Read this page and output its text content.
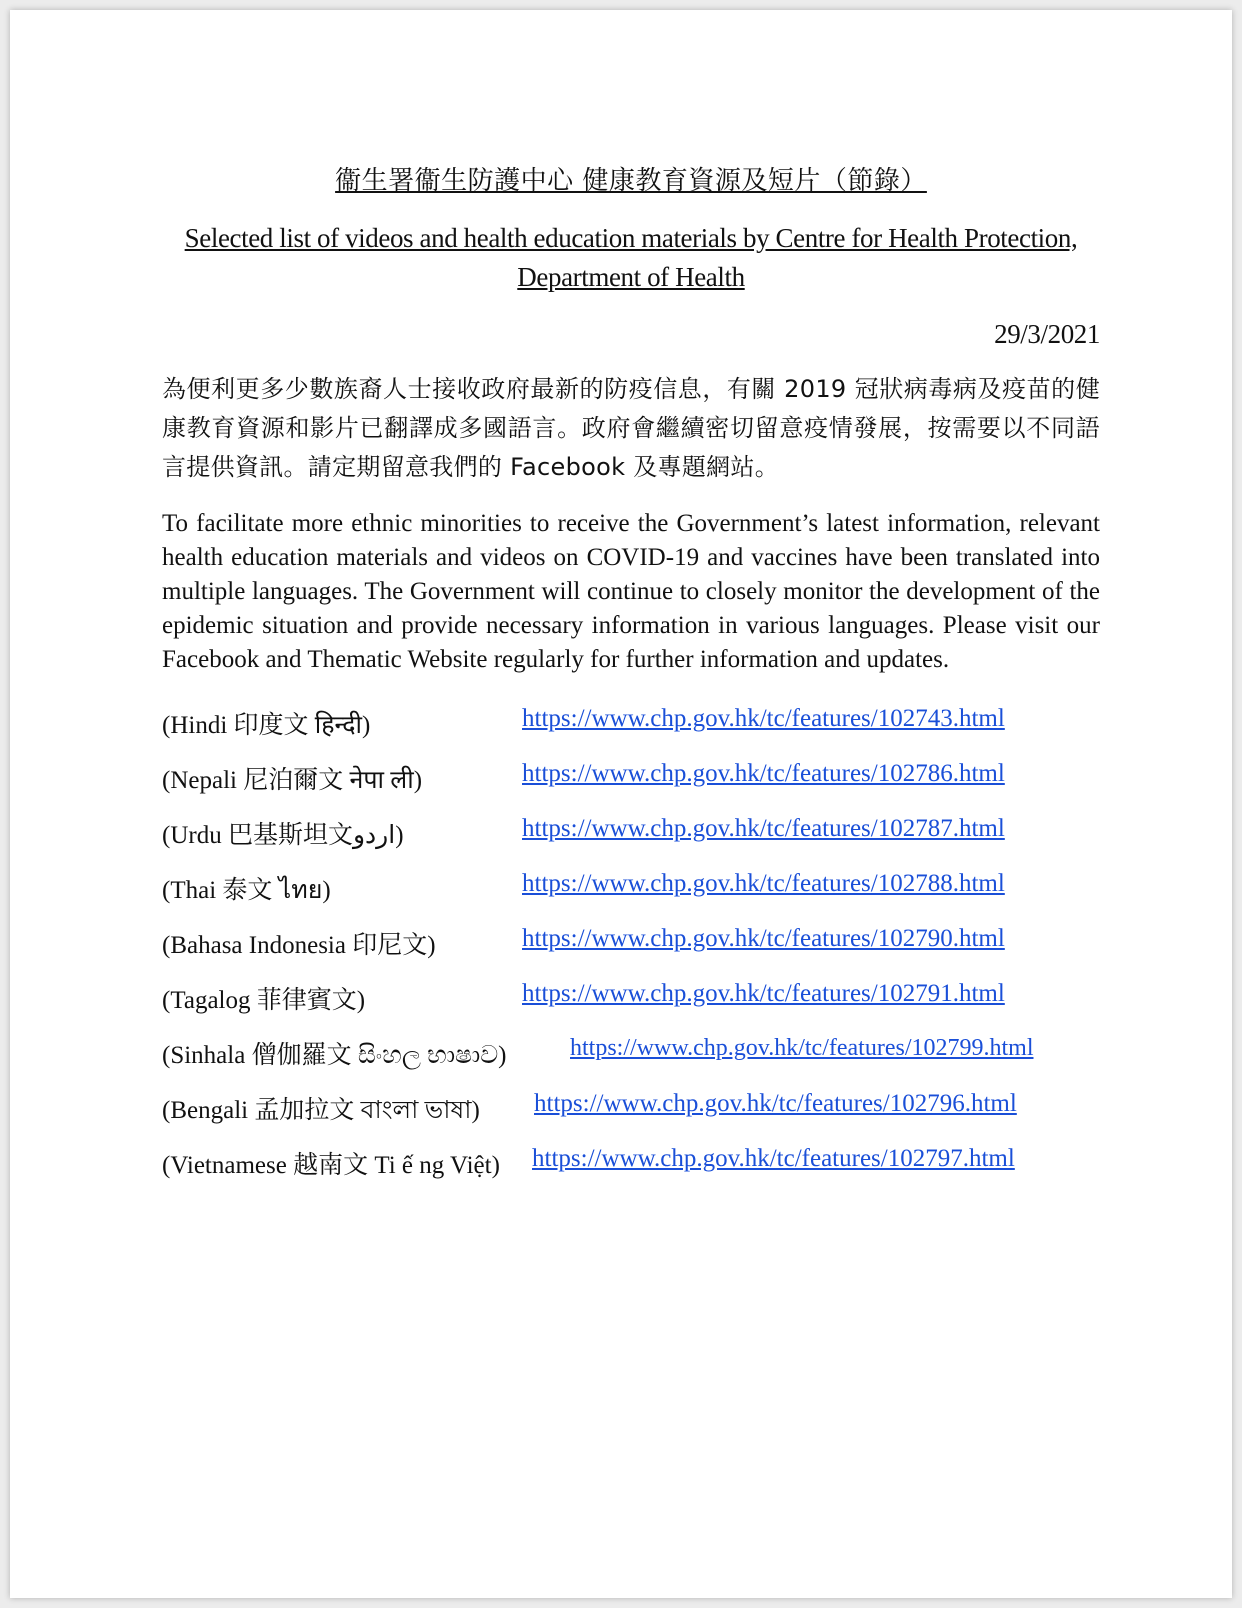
衞生署衞生防護中心 健康教育資源及短片（節錄）

Selected list of videos and health education materials by Centre for Health Protection, Department of Health

29/3/2021

為便利更多少數族裔人士接收政府最新的防疫信息，有關 2019 冠狀病毒病及疫苗的健康教育資源和影片已翻譯成多國語言。政府會繼續密切留意疫情發展，按需要以不同語言提供資訊。請定期留意我們的 Facebook 及專題網站。

To facilitate more ethnic minorities to receive the Government’s latest information, relevant health education materials and videos on COVID-19 and vaccines have been translated into multiple languages. The Government will continue to closely monitor the development of the epidemic situation and provide necessary information in various languages. Please visit our Facebook and Thematic Website regularly for further information and updates.

(Hindi 印度文 हिन्दी)	https://www.chp.gov.hk/tc/features/102743.html
(Nepali 尼泊爾文 नेपा ली)	https://www.chp.gov.hk/tc/features/102786.html
(Urdu 巴基斯坦文اردو)	https://www.chp.gov.hk/tc/features/102787.html
(Thai 泰文 ไทย)	https://www.chp.gov.hk/tc/features/102788.html
(Bahasa Indonesia 印尼文)	https://www.chp.gov.hk/tc/features/102790.html
(Tagalog 菲律賓文)	https://www.chp.gov.hk/tc/features/102791.html
(Sinhala 僧伽羅文 සිංහල භාෂාව)	https://www.chp.gov.hk/tc/features/102799.html
(Bengali 孟加拉文 বাংলা ভাষা) https://www.chp.gov.hk/tc/features/102796.html
(Vietnamese 越南文 Ti ế ng Việt) https://www.chp.gov.hk/tc/features/102797.html
